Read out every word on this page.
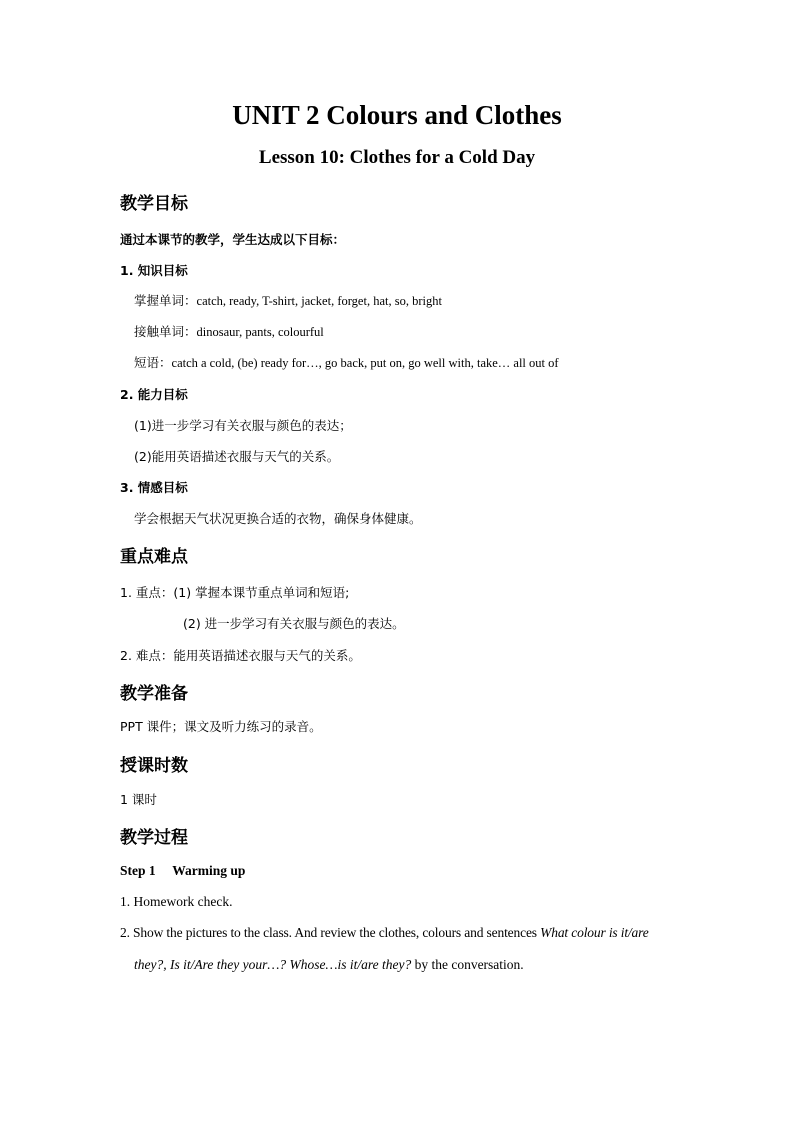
UNIT 2 Colours and Clothes
Lesson 10: Clothes for a Cold Day
教学目标
通过本课节的教学，学生达成以下目标：
1. 知识目标
掌握单词：catch, ready, T-shirt, jacket, forget, hat, so, bright
接触单词：dinosaur, pants, colourful
短语：catch a cold, (be) ready for…, go back, put on, go well with, take… all out of
2. 能力目标
(1)进一步学习有关衣服与颜色的表达；
(2)能用英语描述衣服与天气的关系。
3. 情感目标
学会根据天气状况更换合适的衣物，确保身体健康。
重点难点
1. 重点：(1) 掌握本课节重点单词和短语;
(2) 进一步学习有关衣服与颜色的表达。
2. 难点：能用英语描述衣服与天气的关系。
教学准备
PPT 课件；课文及听力练习的录音。
授课时数
1 课时
教学过程
Step 1     Warming up
1. Homework check.
2. Show the pictures to the class. And review the clothes, colours and sentences What colour is it/are
they?, Is it/Are they your…? Whose…is it/are they? by the conversation.
